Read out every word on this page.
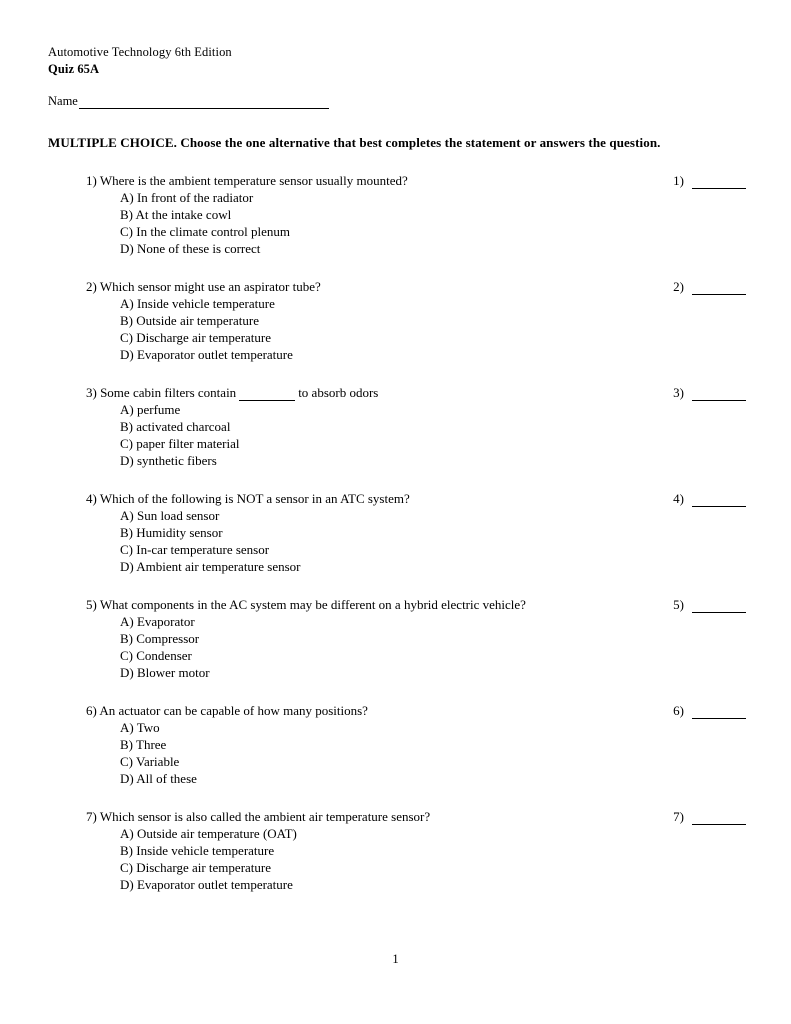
Automotive Technology 6th Edition
Quiz 65A
Name
MULTIPLE CHOICE. Choose the one alternative that best completes the statement or answers the question.
1) Where is the ambient temperature sensor usually mounted?	1)
A) In front of the radiator
B) At the intake cowl
C) In the climate control plenum
D) None of these is correct
2) Which sensor might use an aspirator tube?	2)
A) Inside vehicle temperature
B) Outside air temperature
C) Discharge air temperature
D) Evaporator outlet temperature
3) Some cabin filters contain	to absorb odors	3)
A) perfume
B) activated charcoal
C) paper filter material
D) synthetic fibers
4) Which of the following is NOT a sensor in an ATC system?	4)
A) Sun load sensor
B) Humidity sensor
C) In-car temperature sensor
D) Ambient air temperature sensor
5) What components in the AC system may be different on a hybrid electric vehicle?	5)
A) Evaporator
B) Compressor
C) Condenser
D) Blower motor
6) An actuator can be capable of how many positions?	6)
A) Two
B) Three
C) Variable
D) All of these
7) Which sensor is also called the ambient air temperature sensor?	7)
A) Outside air temperature (OAT)
B) Inside vehicle temperature
C) Discharge air temperature
D) Evaporator outlet temperature
1
